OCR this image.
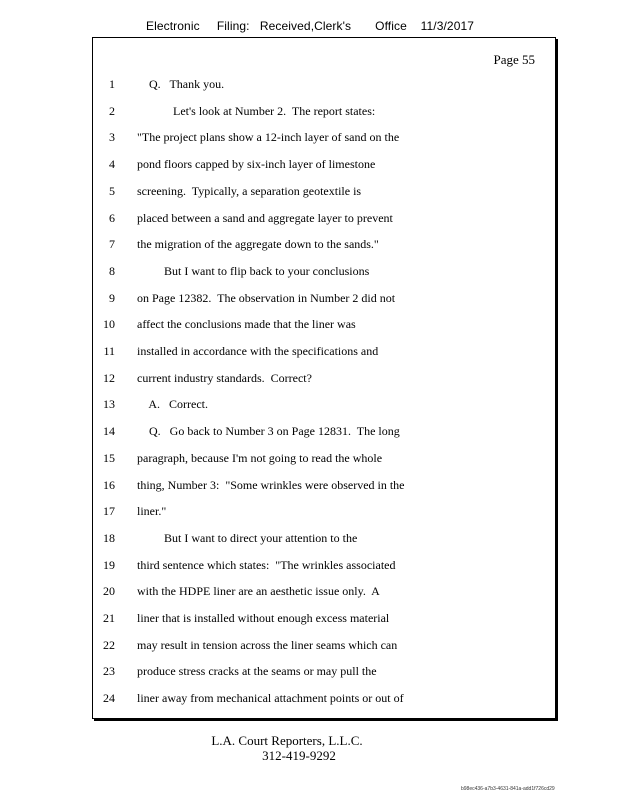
Electronic     Filing:   Received,Clerk's       Office    11/3/2017
Page 55
1 Q.   Thank you.
2 Let's look at Number 2.  The report states:
3 "The project plans show a 12-inch layer of sand on the
4 pond floors capped by six-inch layer of limestone
5 screening.  Typically, a separation geotextile is
6 placed between a sand and aggregate layer to prevent
7 the migration of the aggregate down to the sands."
8 But I want to flip back to your conclusions
9 on Page 12382.  The observation in Number 2 did not
10 affect the conclusions made that the liner was
11 installed in accordance with the specifications and
12 current industry standards.  Correct?
13 A.   Correct.
14 Q.   Go back to Number 3 on Page 12831.  The long
15 paragraph, because I'm not going to read the whole
16 thing, Number 3:  "Some wrinkles were observed in the
17 liner."
18 But I want to direct your attention to the
19 third sentence which states:  "The wrinkles associated
20 with the HDPE liner are an aesthetic issue only.  A
21 liner that is installed without enough excess material
22 may result in tension across the liner seams which can
23 produce stress cracks at the seams or may pull the
24 liner away from mechanical attachment points or out of
L.A. Court Reporters, L.L.C.
312-419-9292
b98ec436-a7b3-4631-841a-add1f726cd29
